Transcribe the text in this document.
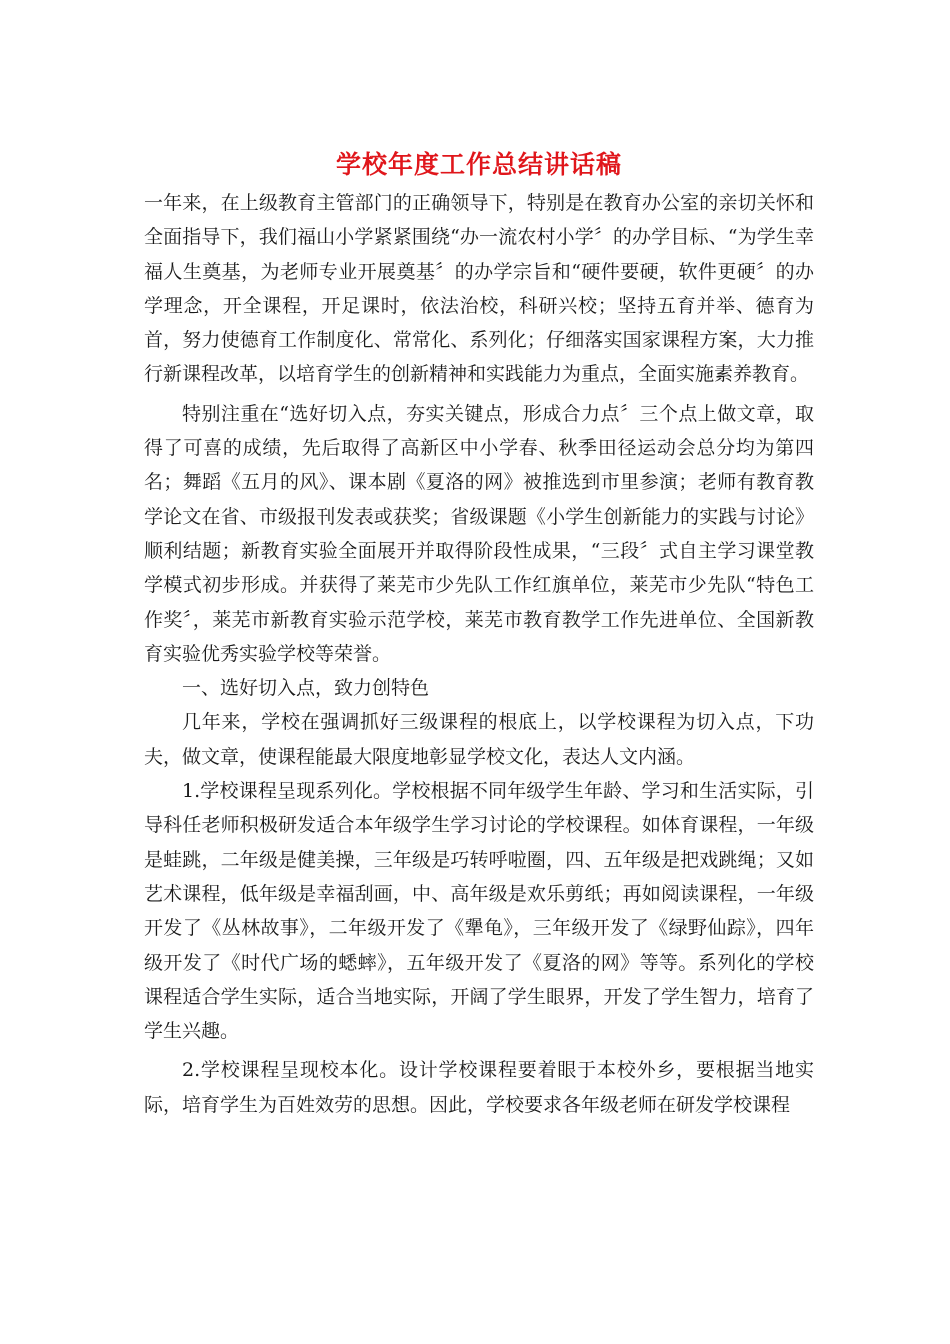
学校年度工作总结讲话稿

一年来，在上级教育主管部门的正确领导下，特别是在教育办公室的亲切关怀和全面指导下，我们福山小学紧紧围绕“办一流农村小学〞的办学目标、“为学生幸福人生奠基，为老师专业开展奠基〞的办学宗旨和“硬件要硬，软件更硬〞的办学理念，开全课程，开足课时，依法治校，科研兴校；坚持五育并举、德育为首，努力使德育工作制度化、常常化、系列化；仔细落实国家课程方案，大力推行新课程改革，以培育学生的创新精神和实践能力为重点，全面实施素养教育。

特别注重在“选好切入点，夯实关键点，形成合力点〞三个点上做文章，取得了可喜的成绩，先后取得了高新区中小学春、秋季田径运动会总分均为第四名；舞蹈《五月的风》、课本剧《夏洛的网》被推选到市里参演；老师有教育教学论文在省、市级报刊发表或获奖；省级课题《小学生创新能力的实践与讨论》顺利结题；新教育实验全面展开并取得阶段性成果，“三段〞式自主学习课堂教学模式初步形成。并获得了莱芜市少先队工作红旗单位，莱芜市少先队“特色工作奖〞，莱芜市新教育实验示范学校，莱芜市教育教学工作先进单位、全国新教育实验优秀实验学校等荣誉。

一、选好切入点，致力创特色

几年来，学校在强调抓好三级课程的根底上，以学校课程为切入点，下功夫，做文章，使课程能最大限度地彰显学校文化，表达人文内涵。

1.学校课程呈现系列化。学校根据不同年级学生年龄、学习和生活实际，引导科任老师积极研发适合本年级学生学习讨论的学校课程。如体育课程，一年级是蛙跳，二年级是健美操，三年级是巧转呼啦圈，四、五年级是把戏跳绳；又如艺术课程，低年级是幸福刮画，中、高年级是欢乐剪纸；再如阅读课程，一年级开发了《丛林故事》，二年级开发了《犟龟》，三年级开发了《绿野仙踪》，四年级开发了《时代广场的蟋蟀》，五年级开发了《夏洛的网》等等。系列化的学校课程适合学生实际，适合当地实际，开阔了学生眼界，开发了学生智力，培育了学生兴趣。

2.学校课程呈现校本化。设计学校课程要着眼于本校外乡，要根据当地实际，培育学生为百姓效劳的思想。因此，学校要求各年级老师在研发学校课程
